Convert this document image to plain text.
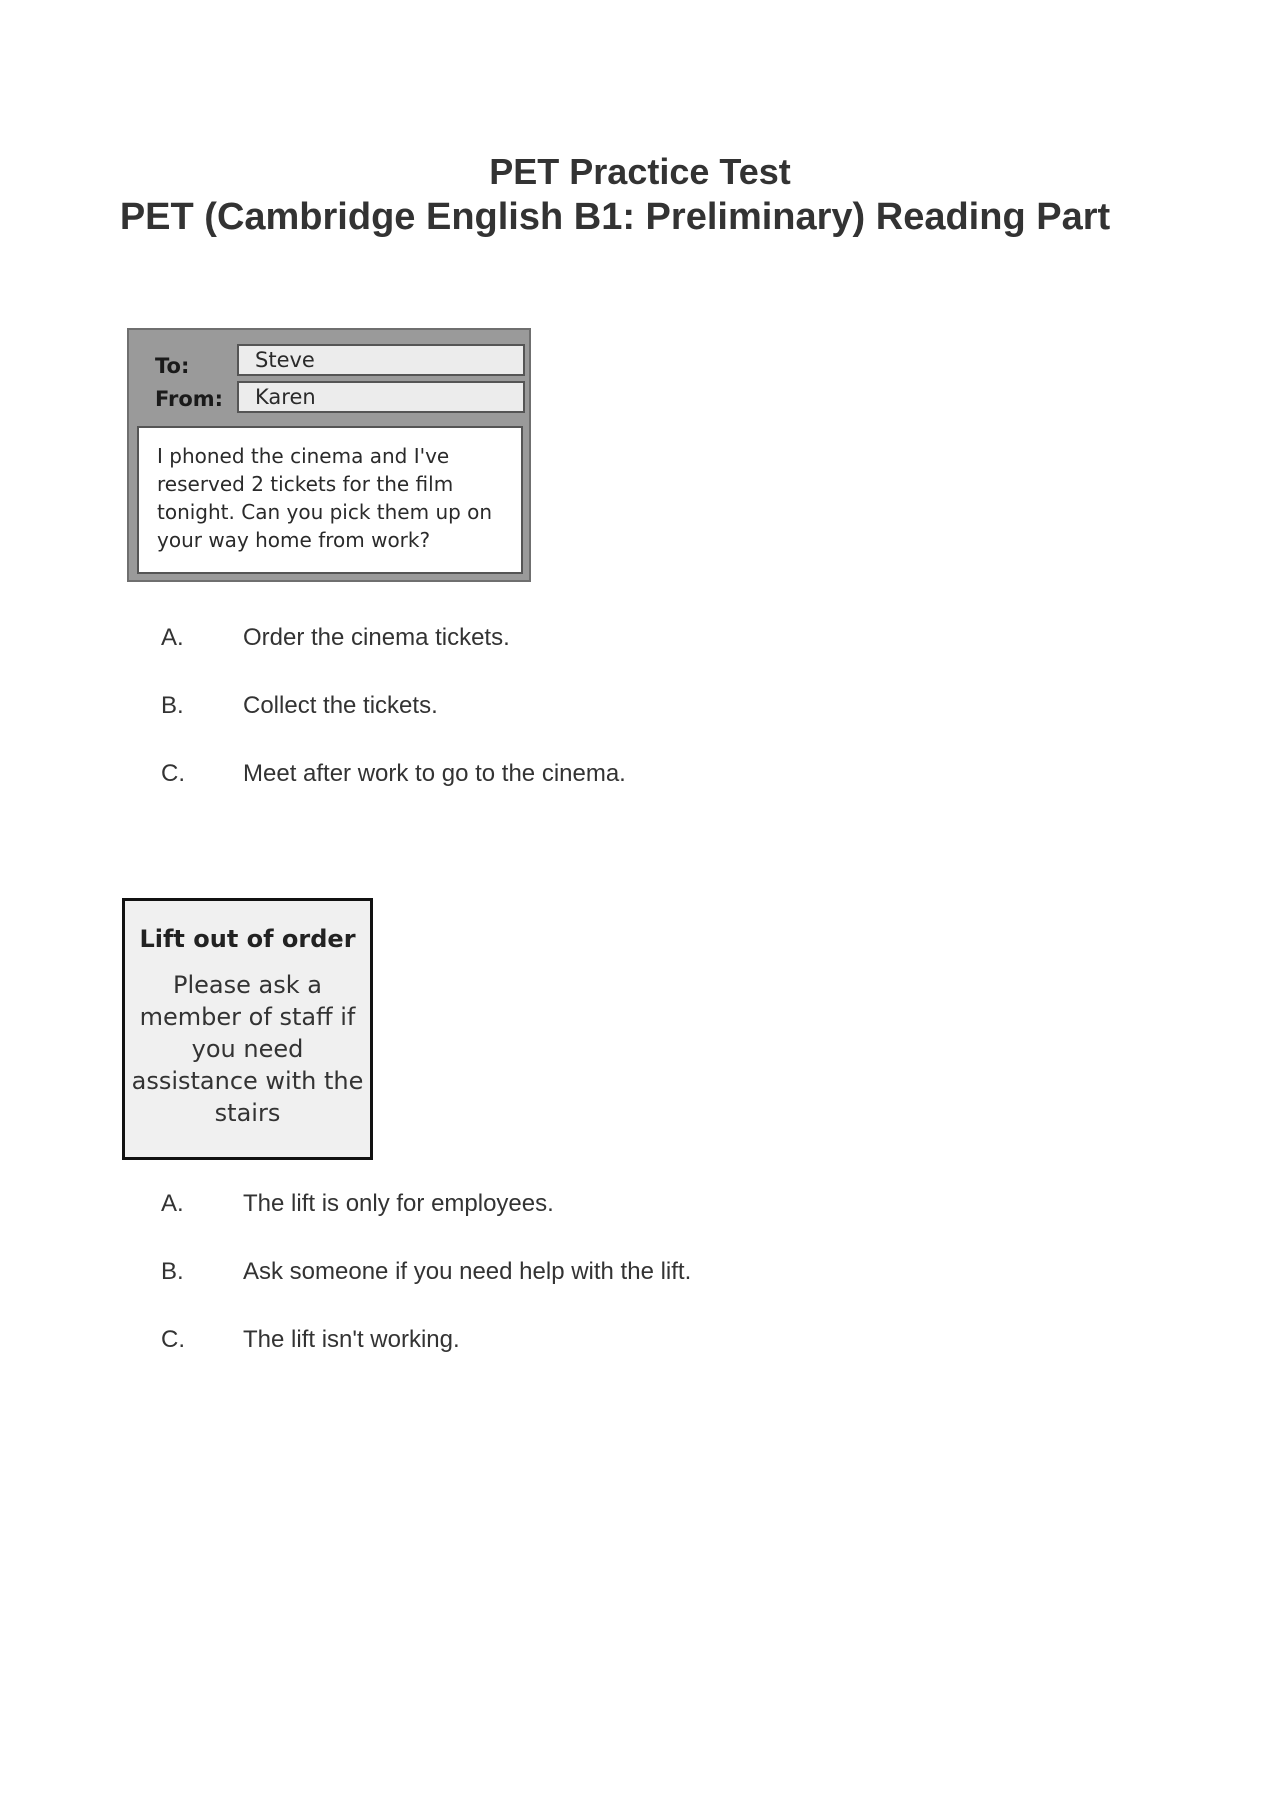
PET Practice Test
PET (Cambridge English B1: Preliminary) Reading Part
To:	Steve
From:	Karen
I phoned the cinema and I've reserved 2 tickets for the film tonight. Can you pick them up on your way home from work?
A. Order the cinema tickets.
B. Collect the tickets.
C. Meet after work to go to the cinema.
Lift out of order
Please ask a member of staff if you need assistance with the stairs
A. The lift is only for employees.
B. Ask someone if you need help with the lift.
C. The lift isn't working.
